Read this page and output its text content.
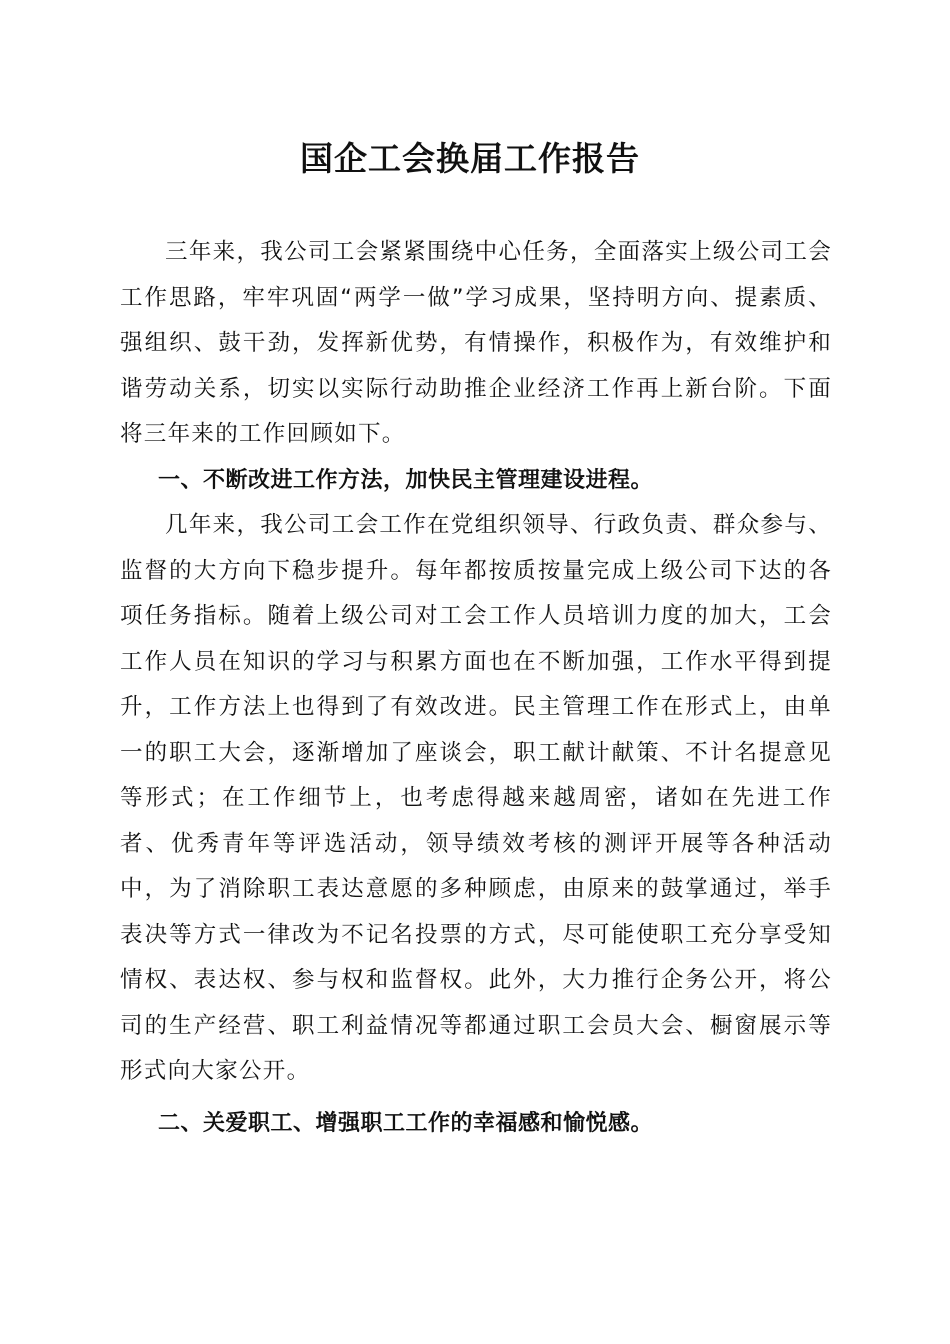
国企工会换届工作报告

三年来，我公司工会紧紧围绕中心任务，全面落实上级公司工会工作思路，牢牢巩固“两学一做”学习成果，坚持明方向、提素质、强组织、鼓干劲，发挥新优势，有情操作，积极作为，有效维护和谐劳动关系，切实以实际行动助推企业经济工作再上新台阶。下面将三年来的工作回顾如下。

一、不断改进工作方法，加快民主管理建设进程。

几年来，我公司工会工作在党组织领导、行政负责、群众参与、监督的大方向下稳步提升。每年都按质按量完成上级公司下达的各项任务指标。随着上级公司对工会工作人员培训力度的加大，工会工作人员在知识的学习与积累方面也在不断加强，工作水平得到提升，工作方法上也得到了有效改进。民主管理工作在形式上，由单一的职工大会，逐渐增加了座谈会，职工献计献策、不计名提意见等形式；在工作细节上，也考虑得越来越周密，诸如在先进工作者、优秀青年等评选活动，领导绩效考核的测评开展等各种活动中，为了消除职工表达意愿的多种顾虑，由原来的鼓掌通过，举手表决等方式一律改为不记名投票的方式，尽可能使职工充分享受知情权、表达权、参与权和监督权。此外，大力推行企务公开，将公司的生产经营、职工利益情况等都通过职工会员大会、橱窗展示等形式向大家公开。

二、关爱职工、增强职工工作的幸福感和愉悦感。
